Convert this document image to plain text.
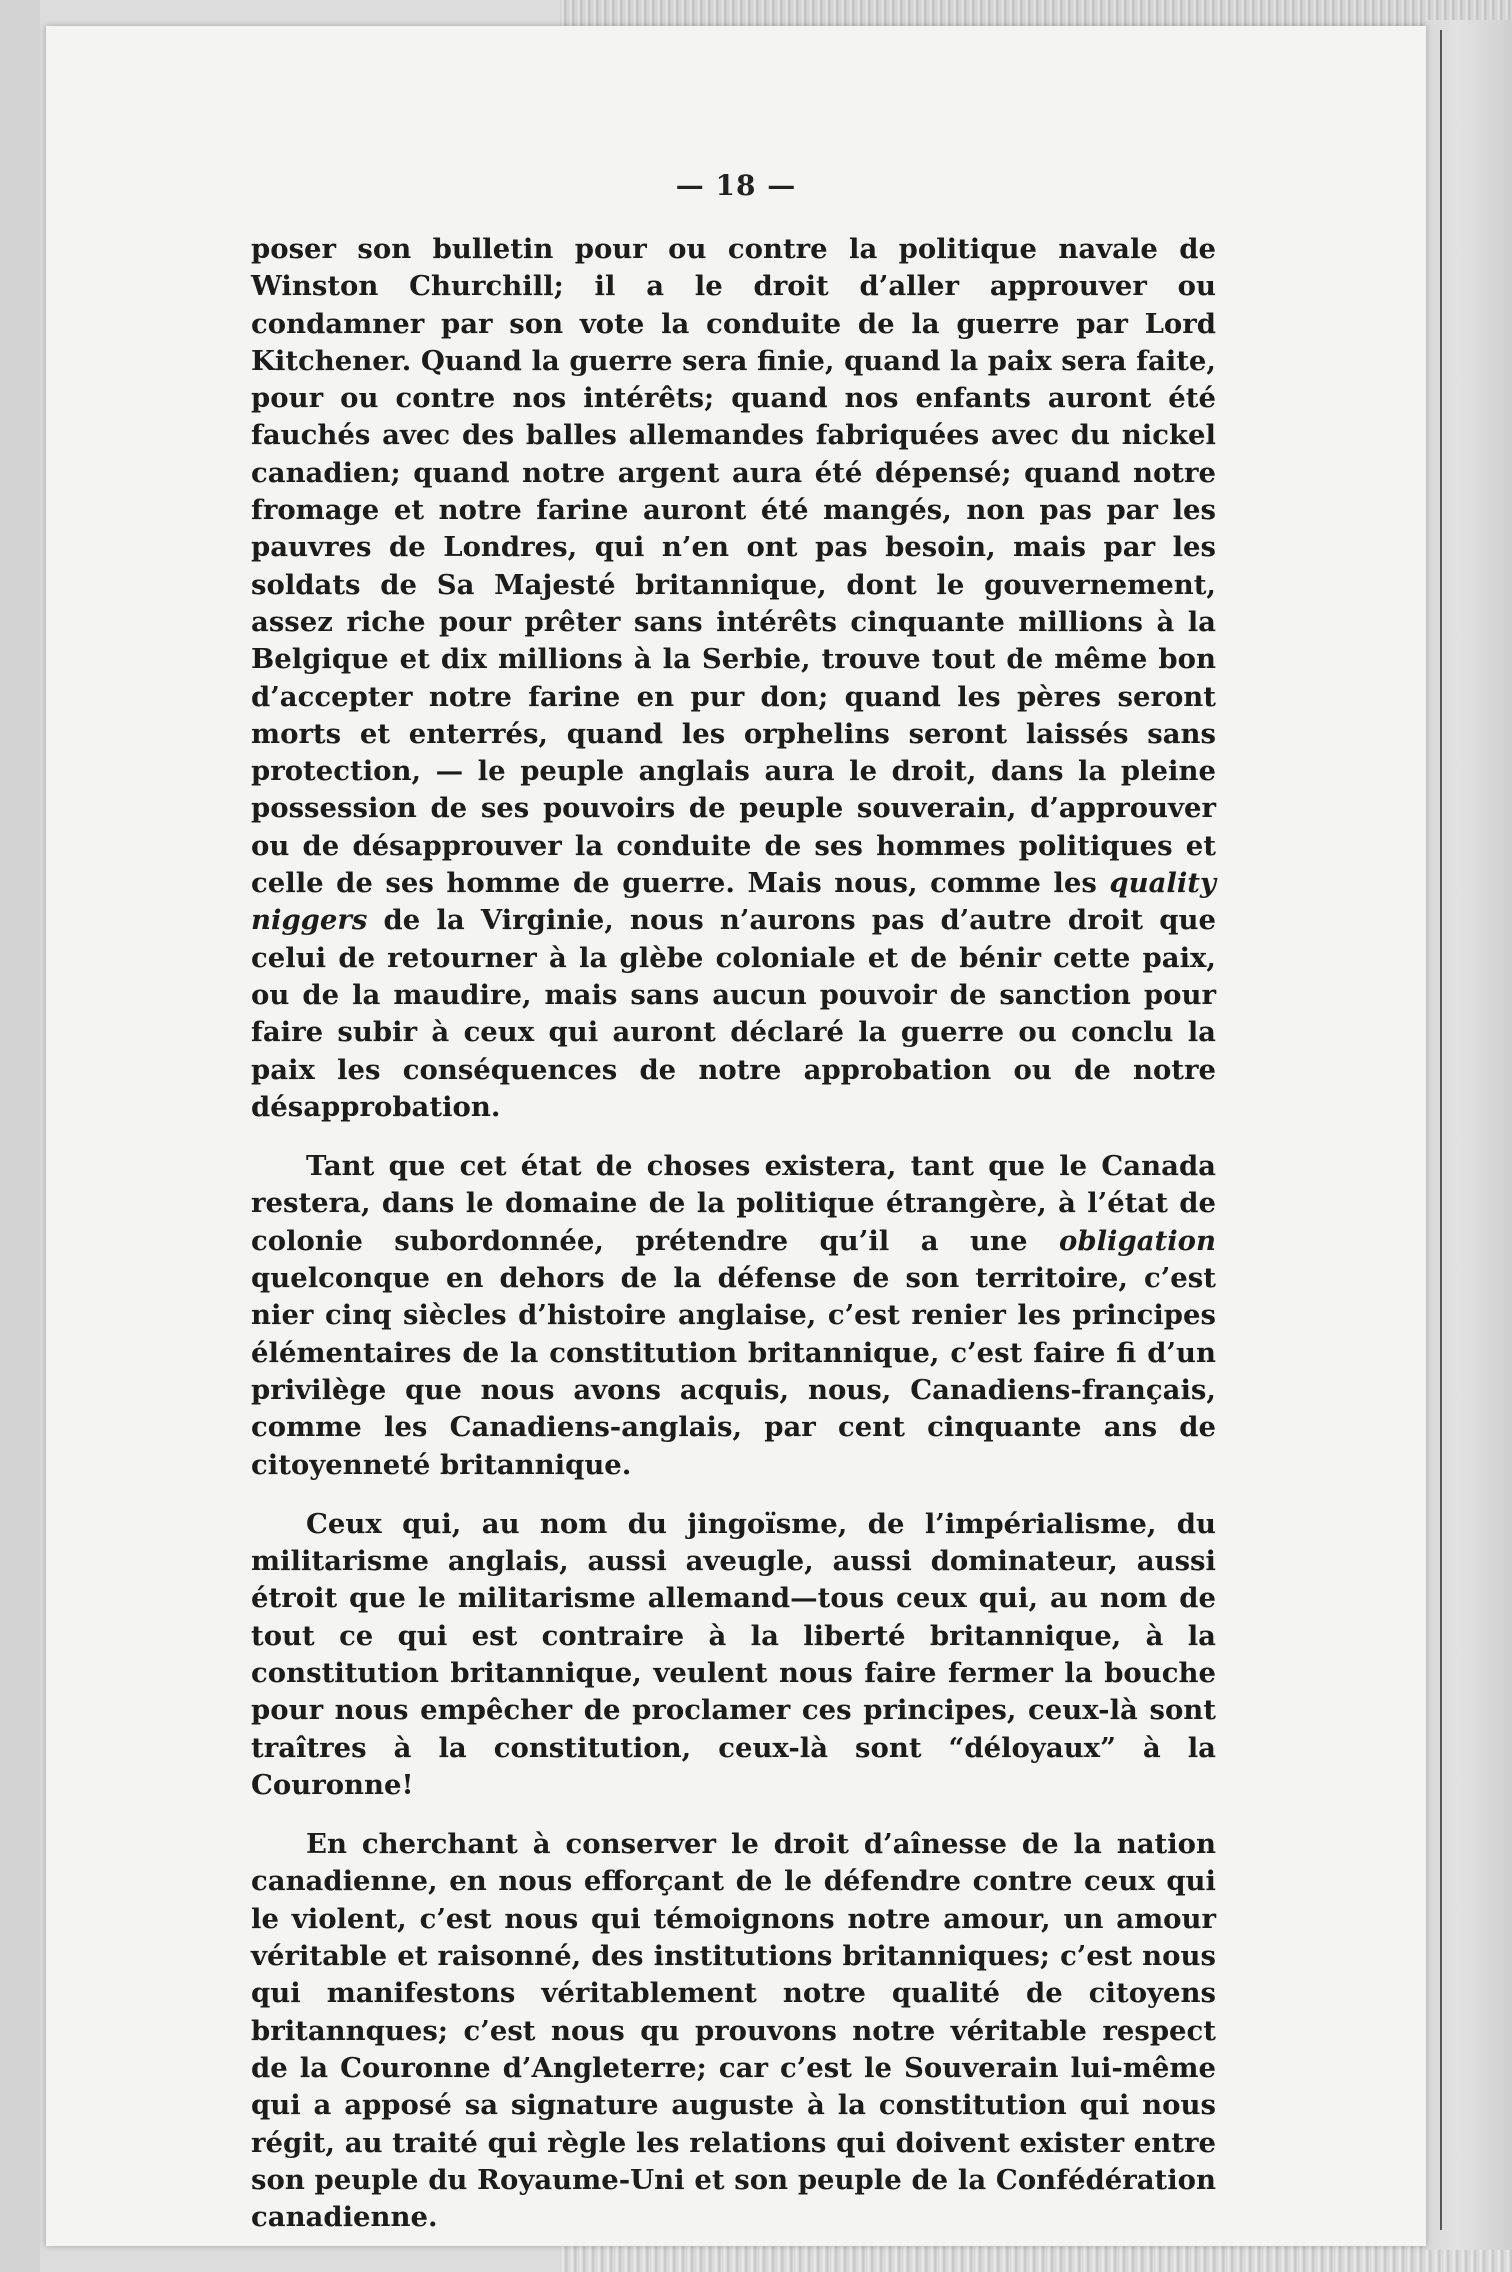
— 18 —

poser son bulletin pour ou contre la politique navale de Winston Churchill; il a le droit d’aller approuver ou condamner par son vote la conduite de la guerre par Lord Kitchener. Quand la guerre sera finie, quand la paix sera faite, pour ou contre nos intérêts; quand nos enfants auront été fauchés avec des balles allemandes fabriquées avec du nickel canadien; quand notre argent aura été dépensé; quand notre fromage et notre farine auront été mangés, non pas par les pauvres de Londres, qui n’en ont pas besoin, mais par les soldats de Sa Majesté britannique, dont le gouvernement, assez riche pour prêter sans intérêts cinquante millions à la Belgique et dix millions à la Serbie, trouve tout de même bon d’accepter notre farine en pur don; quand les pères seront morts et enterrés, quand les orphelins seront laissés sans protection, — le peuple anglais aura le droit, dans la pleine possession de ses pouvoirs de peuple souverain, d’approuver ou de désapprouver la conduite de ses hommes politiques et celle de ses homme de guerre. Mais nous, comme les quality niggers de la Virginie, nous n’aurons pas d’autre droit que celui de retourner à la glèbe coloniale et de bénir cette paix, ou de la maudire, mais sans aucun pouvoir de sanction pour faire subir à ceux qui auront déclaré la guerre ou conclu la paix les conséquences de notre approbation ou de notre désapprobation.

Tant que cet état de choses existera, tant que le Canada restera, dans le domaine de la politique étrangère, à l’état de colonie subordonnée, prétendre qu’il a une obligation quelconque en dehors de la défense de son territoire, c’est nier cinq siècles d’histoire anglaise, c’est renier les principes élémentaires de la constitution britannique, c’est faire fi d’un privilège que nous avons acquis, nous, Canadiens-français, comme les Canadiens-anglais, par cent cinquante ans de citoyenneté britannique.

Ceux qui, au nom du jingoïsme, de l’impérialisme, du militarisme anglais, aussi aveugle, aussi dominateur, aussi étroit que le militarisme allemand—tous ceux qui, au nom de tout ce qui est contraire à la liberté britannique, à la constitution britannique, veulent nous faire fermer la bouche pour nous empêcher de proclamer ces principes, ceux-là sont traîtres à la constitution, ceux-là sont “déloyaux” à la Couronne!

En cherchant à conserver le droit d’aînesse de la nation canadienne, en nous efforçant de le défendre contre ceux qui le violent, c’est nous qui témoignons notre amour, un amour véritable et raisonné, des institutions britanniques; c’est nous qui manifestons véritablement notre qualité de citoyens britannques; c’est nous qu prouvons notre véritable respect de la Couronne d’Angleterre; car c’est le Souverain lui-même qui a apposé sa signature auguste à la constitution qui nous régit, au traité qui règle les relations qui doivent exister entre son peuple du Royaume-Uni et son peuple de la Confédération canadienne.
